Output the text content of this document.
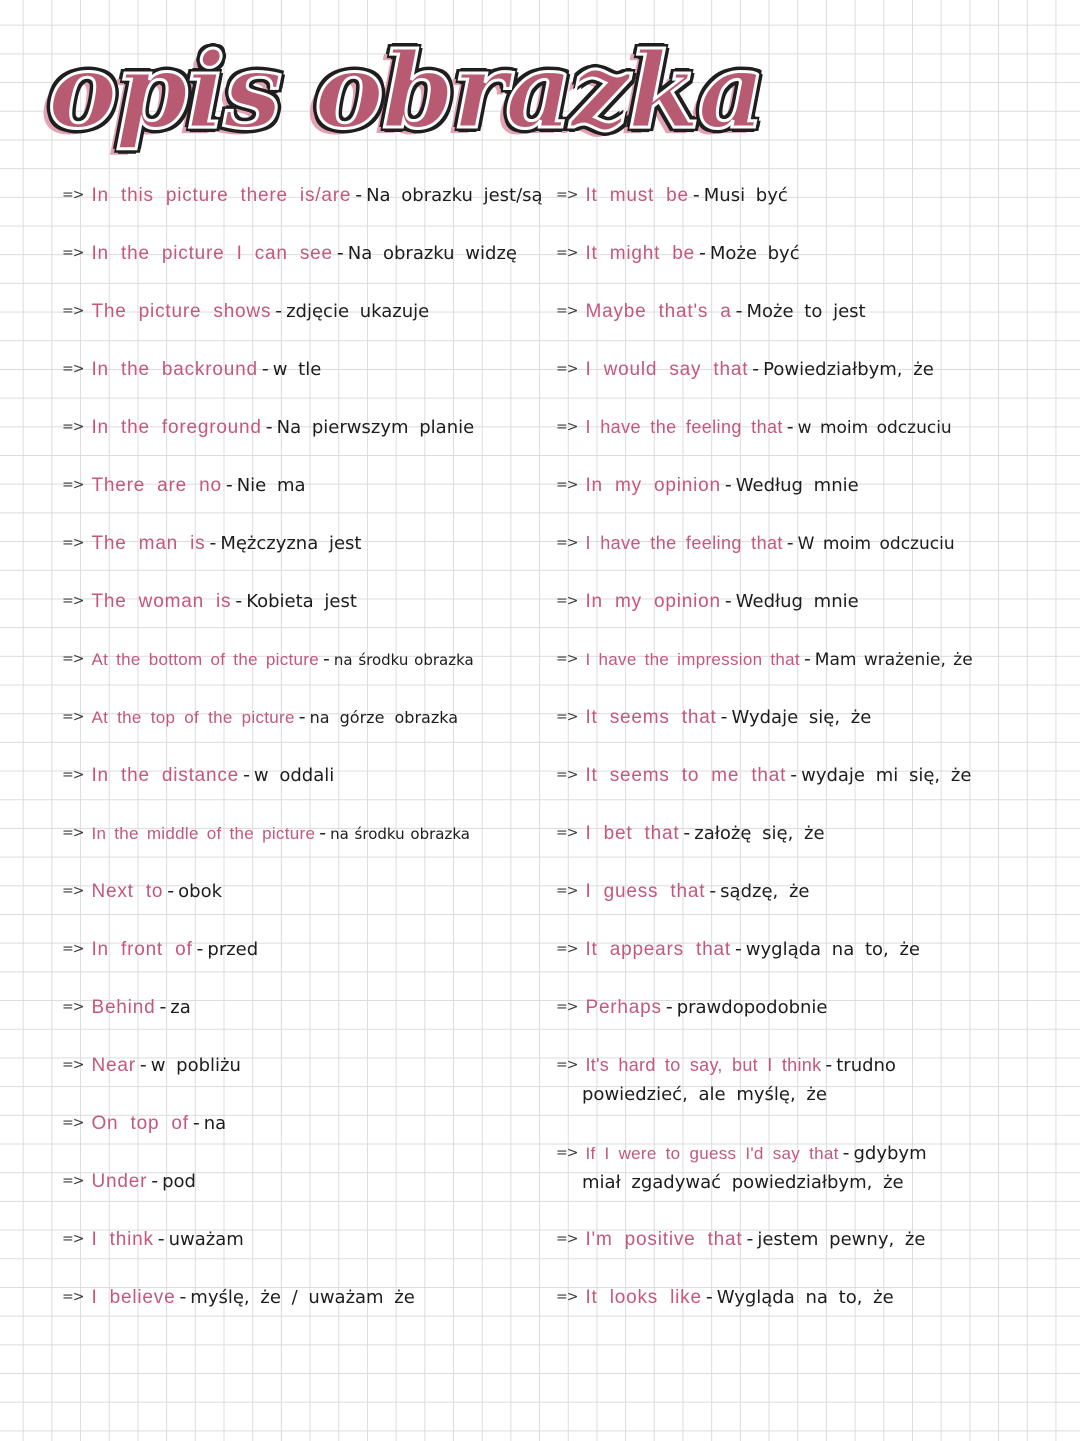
opis obrazka
=> In this picture there is/are - Na obrazku jest/są
=> In the picture I can see - Na obrazku widzę
=> The picture shows - zdjęcie ukazuje
=> In the backround - w tle
=> In the foreground - Na pierwszym planie
=> There are no - Nie ma
=> The man is - Mężczyzna jest
=> The woman is - Kobieta jest
=> At the bottom of the picture - na środku obrazka
=> At the top of the picture - na górze obrazka
=> In the distance - w oddali
=> In the middle of the picture - na środku obrazka
=> Next to - obok
=> In front of - przed
=> Behind - za
=> Near - w pobliżu
=> On top of - na
=> Under - pod
=> I think - uważam
=> I believe - myślę, że / uważam że
=> It must be - Musi być
=> It might be - Może być
=> Maybe that's a - Może to jest
=> I would say that - Powiedziałbym, że
=> I have the feeling that - w moim odczuciu
=> In my opinion - Według mnie
=> I have the feeling that - W moim odczuciu
=> In my opinion - Według mnie
=> I have the impression that - Mam wrażenie, że
=> It seems that - Wydaje się, że
=> It seems to me that - wydaje mi się, że
=> I bet that - założę się, że
=> I guess that - sądzę, że
=> It appears that - wygląda na to, że
=> Perhaps - prawdopodobnie
=> It's hard to say, but I think - trudno
powiedzieć, ale myślę, że
=> If I were to guess I'd say that - gdybym
miał zgadywać powiedziałbym, że
=> I'm positive that - jestem pewny, że
=> It looks like - Wygląda na to, że
